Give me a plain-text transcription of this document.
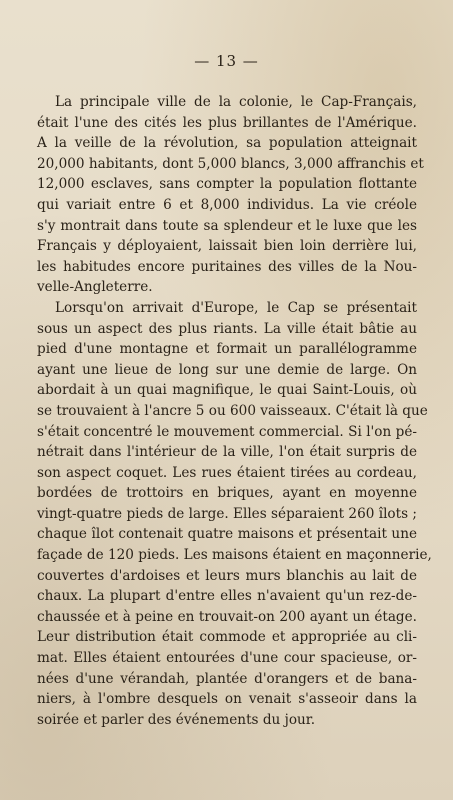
— 13 —
La principale ville de la colonie, le Cap-Français,
était l'une des cités les plus brillantes de l'Amérique.
A la veille de la révolution, sa population atteignait
20,000 habitants, dont 5,000 blancs, 3,000 affranchis et
12,000 esclaves, sans compter la population flottante
qui variait entre 6 et 8,000 individus. La vie créole
s'y montrait dans toute sa splendeur et le luxe que les
Français y déployaient, laissait bien loin derrière lui,
les habitudes encore puritaines des villes de la Nou-
velle-Angleterre.
Lorsqu'on arrivait d'Europe, le Cap se présentait
sous un aspect des plus riants. La ville était bâtie au
pied d'une montagne et formait un parallélogramme
ayant une lieue de long sur une demie de large. On
abordait à un quai magnifique, le quai Saint-Louis, où
se trouvaient à l'ancre 5 ou 600 vaisseaux. C'était là que
s'était concentré le mouvement commercial. Si l'on pé-
nétrait dans l'intérieur de la ville, l'on était surpris de
son aspect coquet. Les rues étaient tirées au cordeau,
bordées de trottoirs en briques, ayant en moyenne
vingt-quatre pieds de large. Elles séparaient 260 îlots ;
chaque îlot contenait quatre maisons et présentait une
façade de 120 pieds. Les maisons étaient en maçonnerie,
couvertes d'ardoises et leurs murs blanchis au lait de
chaux. La plupart d'entre elles n'avaient qu'un rez-de-
chaussée et à peine en trouvait-on 200 ayant un étage.
Leur distribution était commode et appropriée au cli-
mat. Elles étaient entourées d'une cour spacieuse, or-
nées d'une vérandah, plantée d'orangers et de bana-
niers, à l'ombre desquels on venait s'asseoir dans la
soirée et parler des événements du jour.
